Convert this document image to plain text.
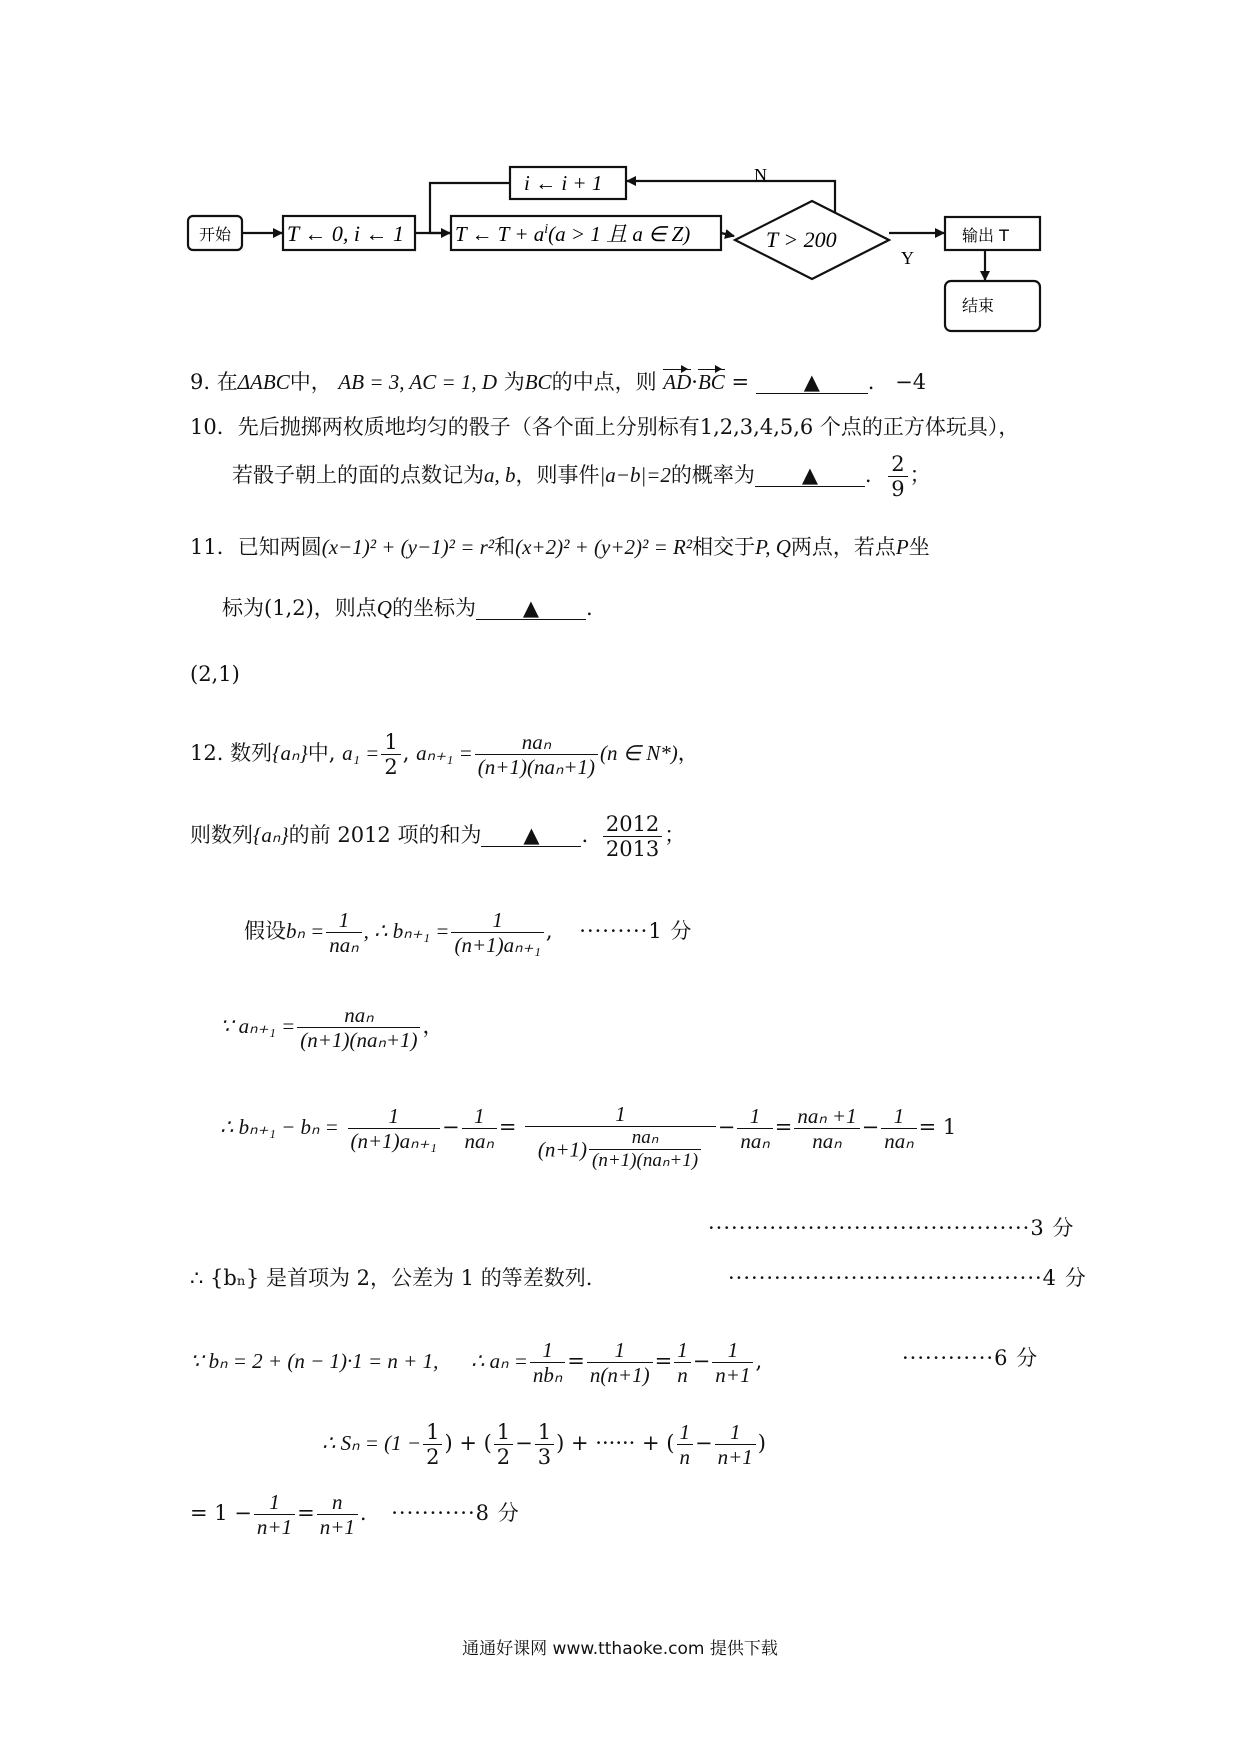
开始	T ← 0, i ← 1 T ← $T + a^i(a > 1$ 且 a ∈ Z)
i ← i + 1
T > 200
N
Y
输出 T
结束
9. 在ΔABC中， AB = 3, AC = 1, D 为BC的中点，则 AD·BC =	▲ . −4
10．先后抛掷两枚质地均匀的骰子（各个面上分别标有1,2,3,4,5,6 个点的正方体玩具），
若骰子朝上的面的点数记为a, b，则事件|a−b|=2的概率为 ▲ . $\frac{2}{9}$ ；
11．已知两圆(x−1)² + (y−1)² = r²和(x+2)² + (y+2)² = R²相交于P, Q两点，若点P坐
标为(1,2)，则点Q的坐标为 ▲ .
(2,1)
12. 数列{aₙ}中, $a_1 = \frac{1}{2}$ , aₙ₊₁ =	naₙ
(n+1)(naₙ+1)
(n ∈ N*)，
则数列{aₙ}的前 2012 项的和为 ▲ . $\frac{2012}{2013}$ ；
假设bₙ = 1
naₙ
, ∴ $b_{n+1} = \frac{1}{\text{(n+1)aₙ₊₁}}$ , ·········1 分
∵ aₙ₊₁ =	naₙ
(n+1)(naₙ+1)
，
∴ $b_{n+1} - b_n = \frac{1}{\text{(n+1)aₙ₊₁}} - 1$
naₙ
=
1
(n+1)	naₙ
(n+1)(naₙ+1)
− 1
naₙ
= naₙ +1
naₙ
− 1
naₙ
= 1
··········································3 分
∴ {bₙ} 是首项为 2，公差为 1 的等差数列.	·········································4 分
∵ bₙ = 2 + (n − 1)·1 = n + 1, ∴ aₙ = 1
nbₙ
= $\frac{1}{n(n+1)} = \frac{1}{n} - \frac{1}{n+1}$ ,	············6 分
∴ $S_n = (1 - \frac{1}{2}$ ) + ( $\frac{1}{2} - \frac{1}{3}$ ) + ······ + ( $\frac{1}{n} - \frac{1}{n+1}$ )
= $1 - \frac{1}{n+1} = \frac{n}{n+1}$ . ···········8 分
通通好课网 www.tthaoke.com 提供下载
